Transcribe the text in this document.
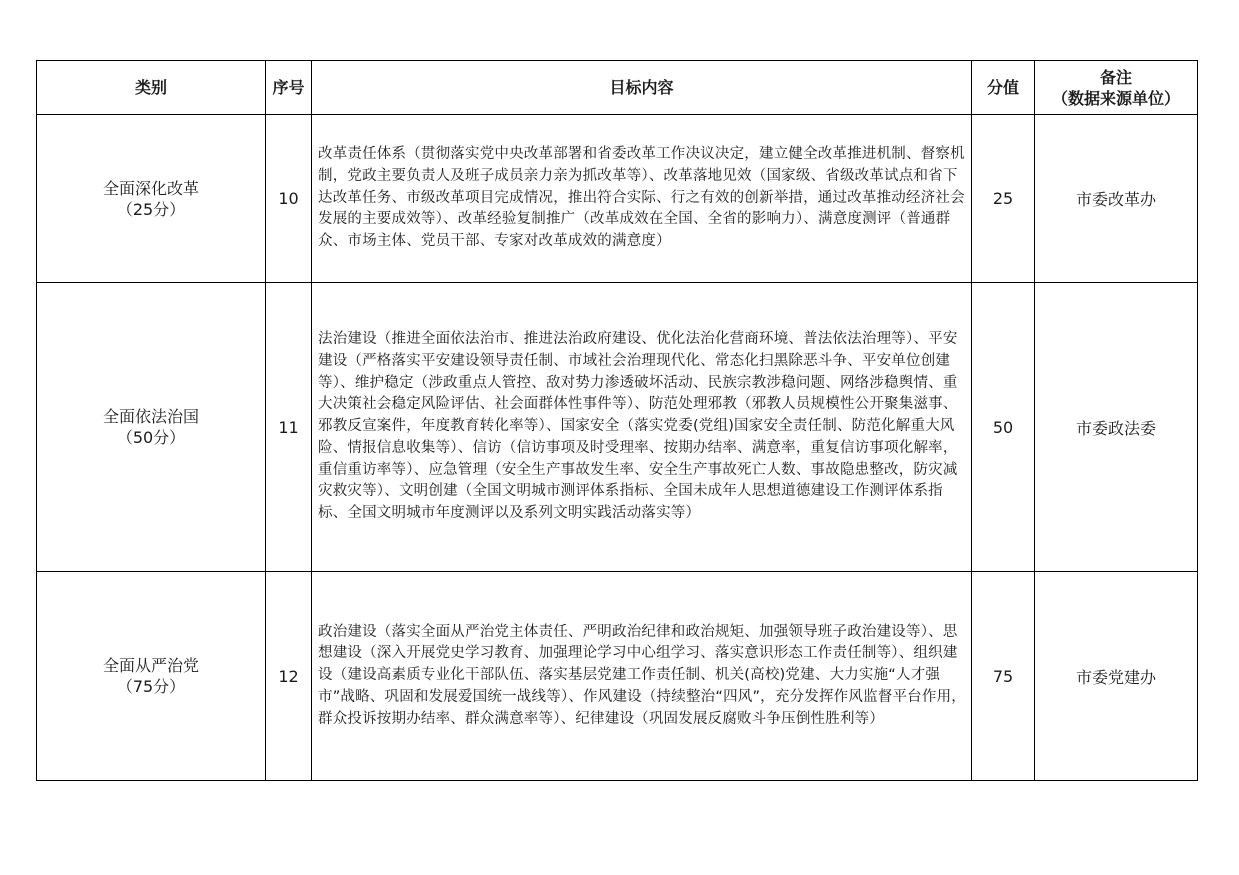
类别	序号	目标内容	分值	备注
（数据来源单位）

全面深化改革
（25分）	10	改革责任体系（贯彻落实党中央改革部署和省委改革工作决议决定，建立健全改革推进机制、督察机制，党政主要负责人及班子成员亲力亲为抓改革等）、改革落地见效（国家级、省级改革试点和省下达改革任务、市级改革项目完成情况，推出符合实际、行之有效的创新举措，通过改革推动经济社会发展的主要成效等）、改革经验复制推广（改革成效在全国、全省的影响力）、满意度测评（普通群众、市场主体、党员干部、专家对改革成效的满意度）	25	市委改革办

全面依法治国
（50分）	11	法治建设（推进全面依法治市、推进法治政府建设、优化法治化营商环境、普法依法治理等）、平安建设（严格落实平安建设领导责任制、市域社会治理现代化、常态化扫黑除恶斗争、平安单位创建等）、维护稳定（涉政重点人管控、敌对势力渗透破坏活动、民族宗教涉稳问题、网络涉稳舆情、重大决策社会稳定风险评估、社会面群体性事件等）、防范处理邪教（邪教人员规模性公开聚集滋事、邪教反宣案件，年度教育转化率等）、国家安全（落实党委(党组)国家安全责任制、防范化解重大风险、情报信息收集等）、信访（信访事项及时受理率、按期办结率、满意率，重复信访事项化解率，重信重访率等）、应急管理（安全生产事故发生率、安全生产事故死亡人数、事故隐患整改，防灾减灾救灾等）、文明创建（全国文明城市测评体系指标、全国未成年人思想道德建设工作测评体系指标、全国文明城市年度测评以及系列文明实践活动落实等）	50	市委政法委

全面从严治党
（75分）	12	政治建设（落实全面从严治党主体责任、严明政治纪律和政治规矩、加强领导班子政治建设等）、思想建设（深入开展党史学习教育、加强理论学习中心组学习、落实意识形态工作责任制等）、组织建设（建设高素质专业化干部队伍、落实基层党建工作责任制、机关(高校)党建、大力实施“人才强市”战略、巩固和发展爱国统一战线等）、作风建设（持续整治“四风”，充分发挥作风监督平台作用，群众投诉按期办结率、群众满意率等）、纪律建设（巩固发展反腐败斗争压倒性胜利等）	75	市委党建办
